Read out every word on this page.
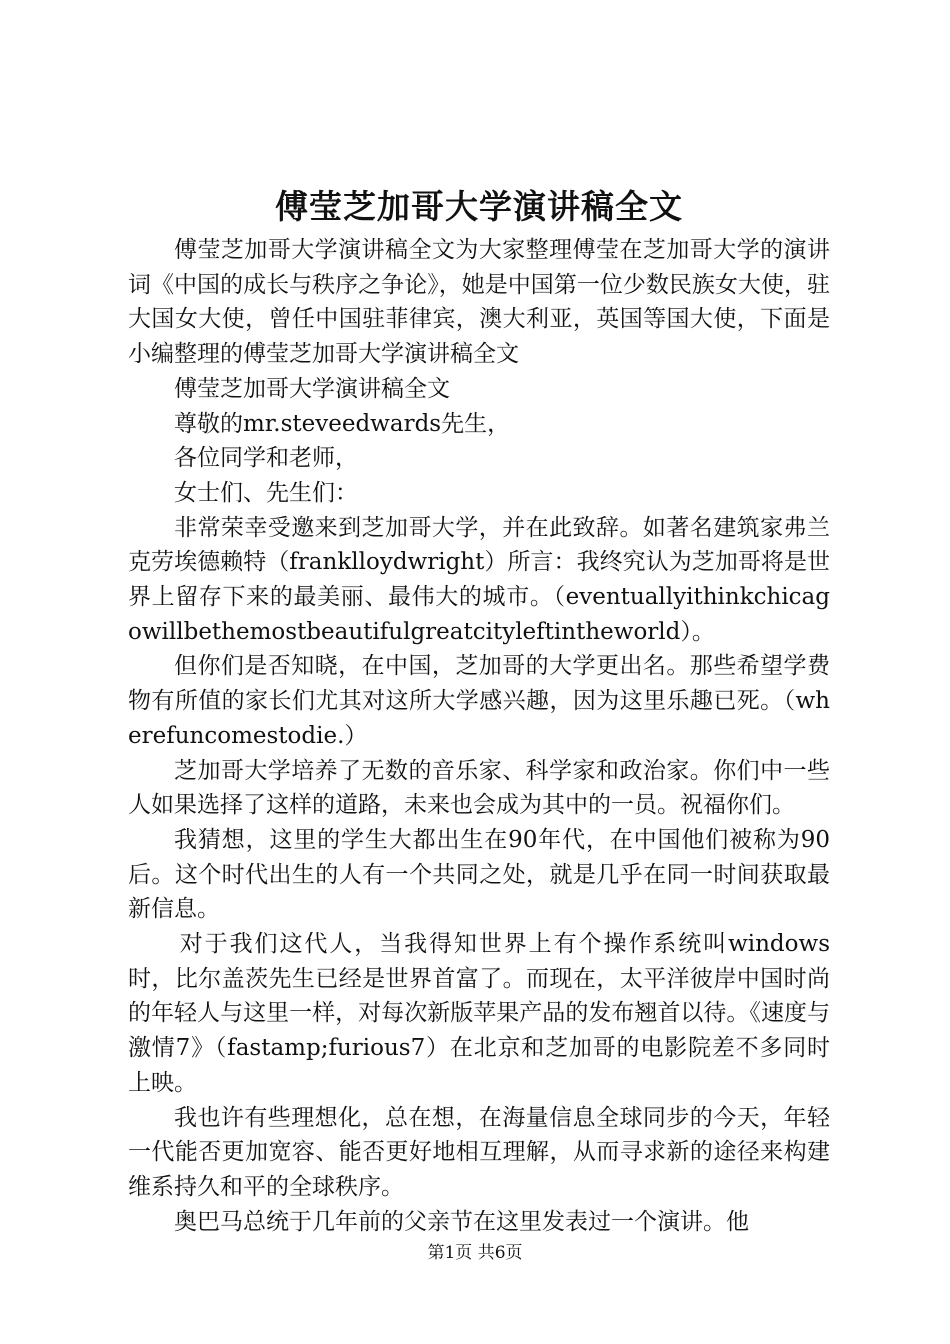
傅莹芝加哥大学演讲稿全文

傅莹芝加哥大学演讲稿全文为大家整理傅莹在芝加哥大学的演讲词《中国的成长与秩序之争论》，她是中国第一位少数民族女大使，驻大国女大使，曾任中国驻菲律宾，澳大利亚，英国等国大使，下面是小编整理的傅莹芝加哥大学演讲稿全文

傅莹芝加哥大学演讲稿全文

尊敬的mr.steveedwards先生，

各位同学和老师，

女士们、先生们：

非常荣幸受邀来到芝加哥大学，并在此致辞。如著名建筑家弗兰克劳埃德赖特（franklloydwright）所言：我终究认为芝加哥将是世界上留存下来的最美丽、最伟大的城市。（eventuallyithinkchicagowillbethemostbeautifulgreatcityleftintheworld）。

但你们是否知晓，在中国，芝加哥的大学更出名。那些希望学费物有所值的家长们尤其对这所大学感兴趣，因为这里乐趣已死。（wherefuncomestodie.）

芝加哥大学培养了无数的音乐家、科学家和政治家。你们中一些人如果选择了这样的道路，未来也会成为其中的一员。祝福你们。

我猜想，这里的学生大都出生在90年代，在中国他们被称为90后。这个时代出生的人有一个共同之处，就是几乎在同一时间获取最新信息。

对于我们这代人，当我得知世界上有个操作系统叫windows时，比尔盖茨先生已经是世界首富了。而现在，太平洋彼岸中国时尚的年轻人与这里一样，对每次新版苹果产品的发布翘首以待。《速度与激情7》（fastamp;furious7）在北京和芝加哥的电影院差不多同时上映。

我也许有些理想化，总在想，在海量信息全球同步的今天，年轻一代能否更加宽容、能否更好地相互理解，从而寻求新的途径来构建维系持久和平的全球秩序。

奥巴马总统于几年前的父亲节在这里发表过一个演讲。他

第1页 共6页
